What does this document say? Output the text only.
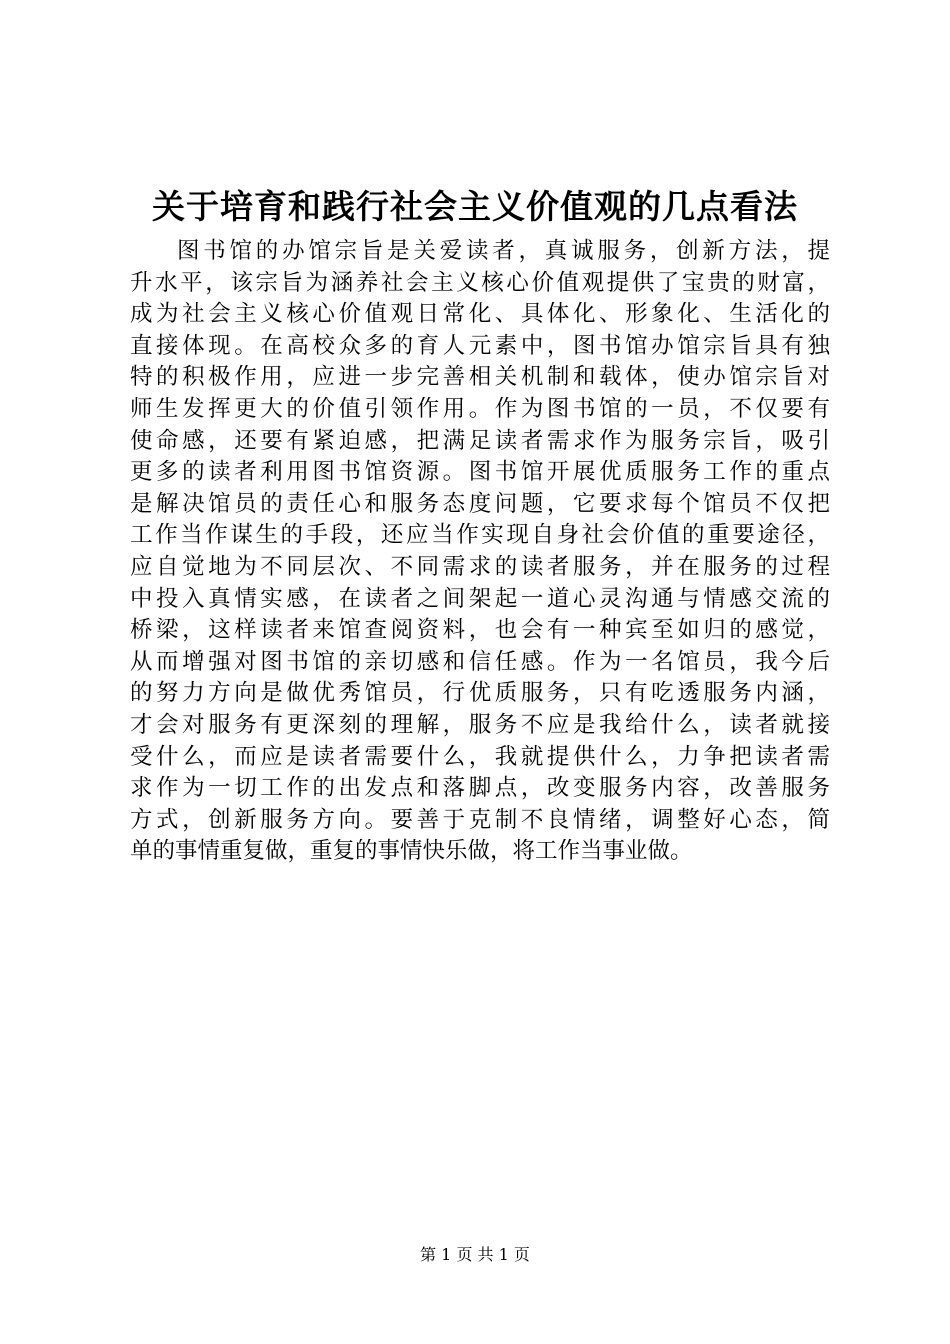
关于培育和践行社会主义价值观的几点看法
图书馆的办馆宗旨是关爱读者，真诚服务，创新方法，提
升水平，该宗旨为涵养社会主义核心价值观提供了宝贵的财富，
成为社会主义核心价值观日常化、具体化、形象化、生活化的
直接体现。在高校众多的育人元素中，图书馆办馆宗旨具有独
特的积极作用，应进一步完善相关机制和载体，使办馆宗旨对
师生发挥更大的价值引领作用。作为图书馆的一员，不仅要有
使命感，还要有紧迫感，把满足读者需求作为服务宗旨，吸引
更多的读者利用图书馆资源。图书馆开展优质服务工作的重点
是解决馆员的责任心和服务态度问题，它要求每个馆员不仅把
工作当作谋生的手段，还应当作实现自身社会价值的重要途径，
应自觉地为不同层次、不同需求的读者服务，并在服务的过程
中投入真情实感，在读者之间架起一道心灵沟通与情感交流的
桥梁，这样读者来馆查阅资料，也会有一种宾至如归的感觉，
从而增强对图书馆的亲切感和信任感。作为一名馆员，我今后
的努力方向是做优秀馆员，行优质服务，只有吃透服务内涵，
才会对服务有更深刻的理解，服务不应是我给什么，读者就接
受什么，而应是读者需要什么，我就提供什么，力争把读者需
求作为一切工作的出发点和落脚点，改变服务内容，改善服务
方式，创新服务方向。要善于克制不良情绪，调整好心态，简
单的事情重复做，重复的事情快乐做，将工作当事业做。
第 1 页 共 1 页
